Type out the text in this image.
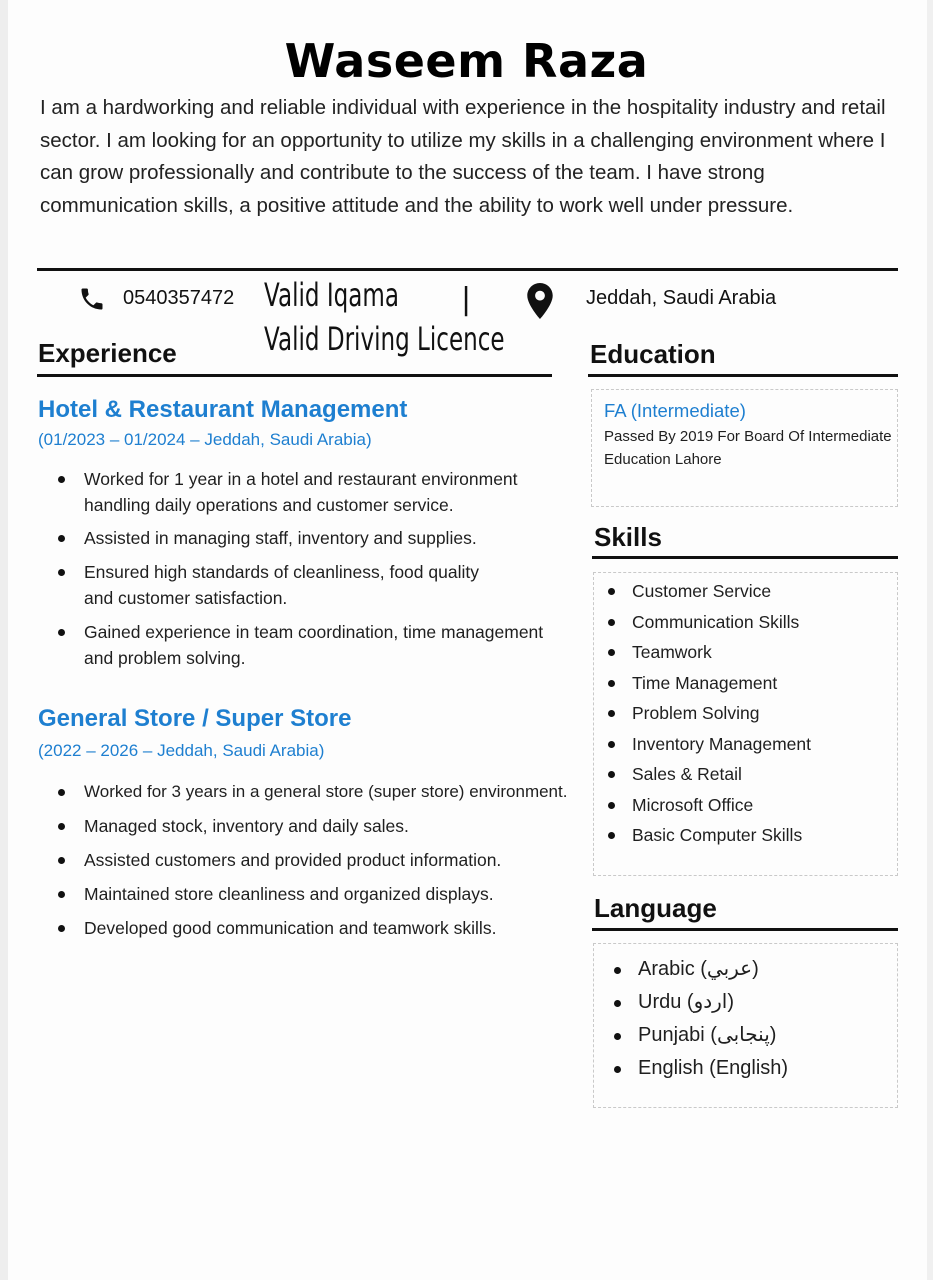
Waseem Raza
I am a hardworking and reliable individual with experience in the hospitality industry and retail sector. I am looking for an opportunity to utilize my skills in a challenging environment where I can grow professionally and contribute to the success of the team. I have strong communication skills, a positive attitude and the ability to work well under pressure.
0540357472 Valid Iqama |
Valid Driving Licence
Jeddah, Saudi Arabia
Experience
Hotel & Restaurant Management
(01/2023 – 01/2024 – Jeddah, Saudi Arabia)
Worked for 1 year in a hotel and restaurant environment handling daily operations and customer service.
Assisted in managing staff, inventory and supplies.
Ensured high standards of cleanliness, food quality and customer satisfaction.
Gained experience in team coordination, time management and problem solving.
General Store / Super Store
(2022 – 2026 – Jeddah, Saudi Arabia)
Worked for 3 years in a general store (super store) environment.
Managed stock, inventory and daily sales.
Assisted customers and provided product information.
Maintained store cleanliness and organized displays.
Developed good communication and teamwork skills.
Education
FA (Intermediate)
Passed By 2019 For Board Of Intermediate Education Lahore
Skills
Customer Service
Communication Skills
Teamwork
Time Management
Problem Solving
Inventory Management
Sales & Retail
Microsoft Office
Basic Computer Skills
Language
Arabic (عربي)
Urdu (اردو)
Punjabi (پنجابی)
English (English)
